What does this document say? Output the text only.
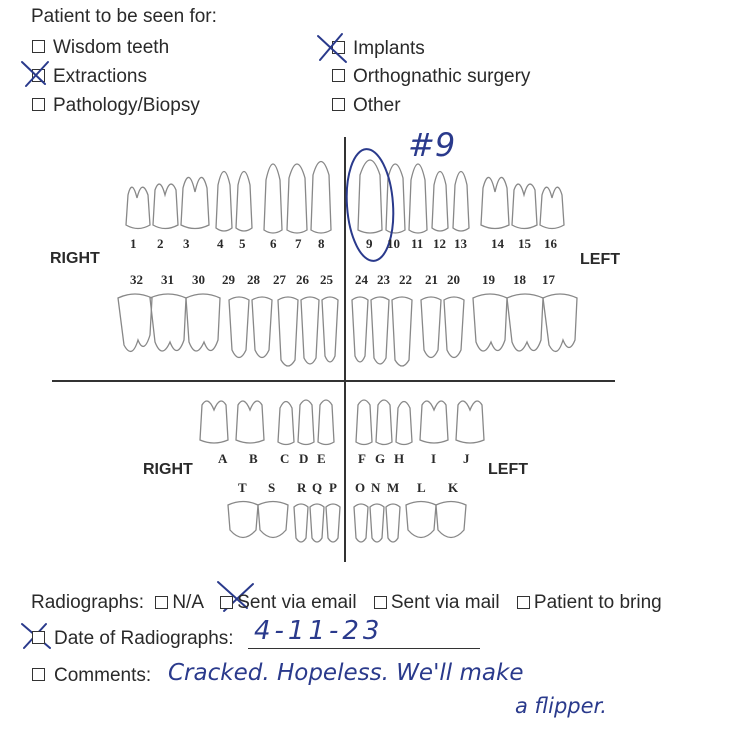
Patient to be seen for:
Wisdom teeth
Extractions
Pathology/Biopsy
Implants
Orthognathic surgery
Other
1 2 3 4 5 6 7 8	9 10 11 12 13 14 15 16
32 31 30 29 28 27 26 25 24 23 22 21 20 19 18 17
A B C D E F G H I J
T S R Q P O N M L K
RIGHT	LEFT
RIGHT	LEFT
#9
Radiographs: N/A Sent via email Sent via mail Patient to bring
Date of Radiographs: 4-11-23
Comments: Cracked. Hopeless. We'll make
a flipper.
